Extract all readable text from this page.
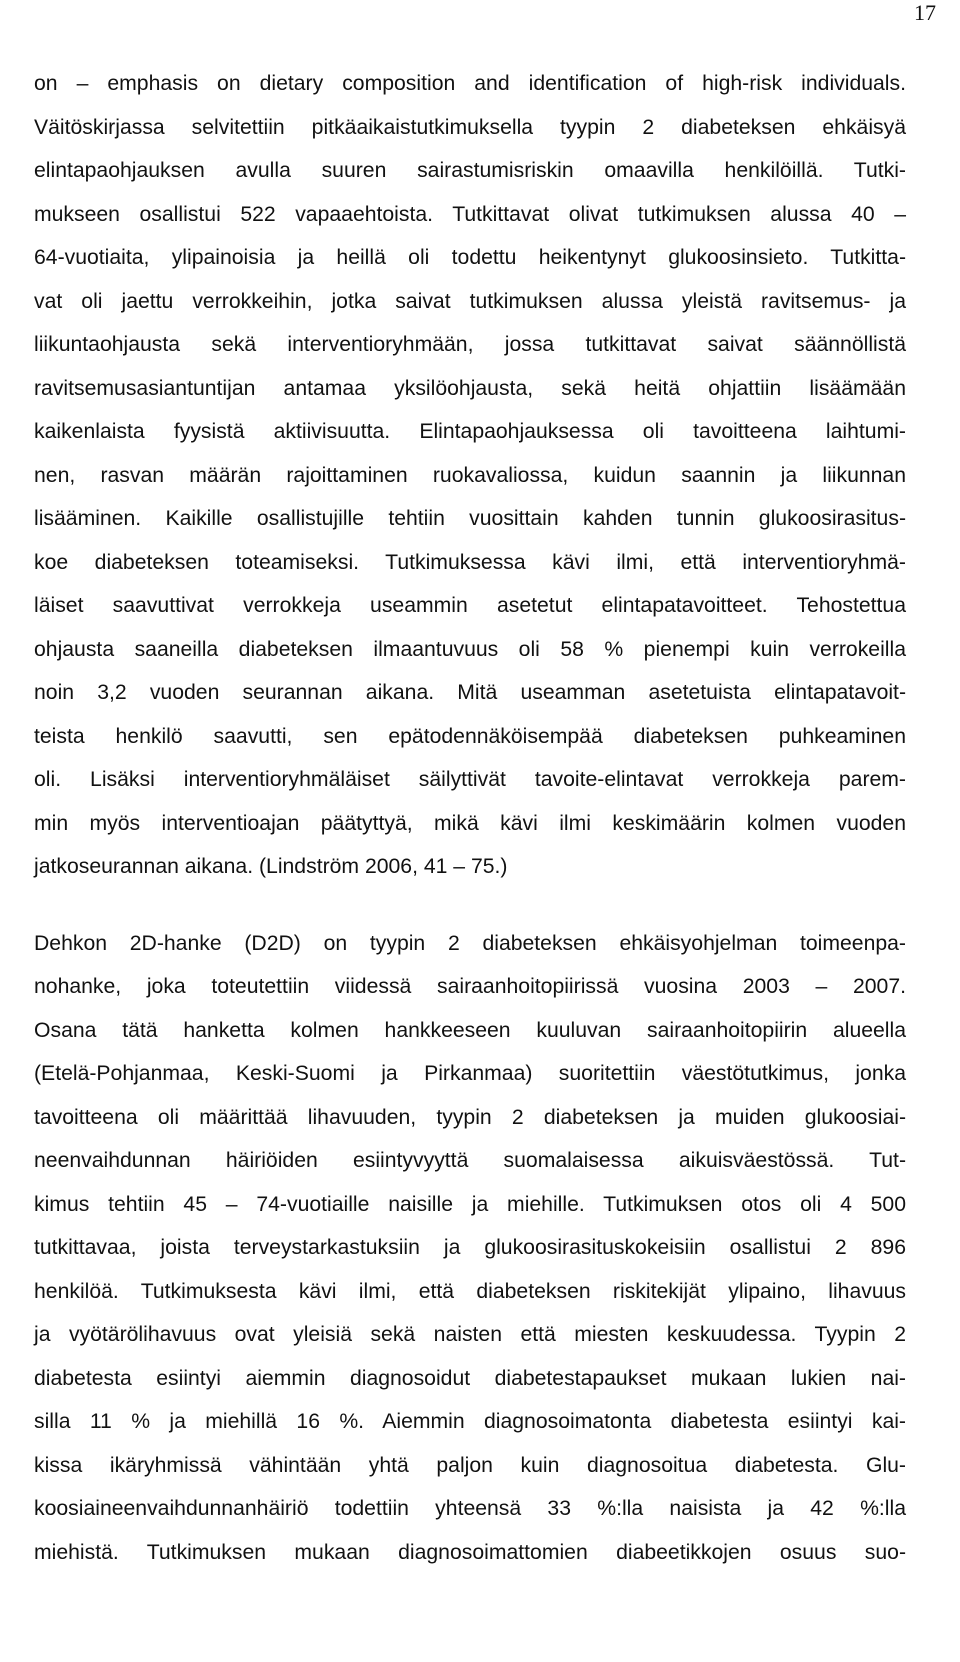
17
on – emphasis on dietary composition and identification of high-risk individuals.
Väitöskirjassa selvitettiin pitkäaikaistutkimuksella tyypin 2 diabeteksen ehkäisyä
elintapaohjauksen avulla suuren sairastumisriskin omaavilla henkilöillä. Tutki-
mukseen osallistui 522 vapaaehtoista. Tutkittavat olivat tutkimuksen alussa 40 –
64-vuotiaita, ylipainoisia ja heillä oli todettu heikentynyt glukoosinsieto. Tutkitta-
vat oli jaettu verrokkeihin, jotka saivat tutkimuksen alussa yleistä ravitsemus- ja
liikuntaohjausta sekä interventioryhmään, jossa tutkittavat saivat säännöllistä
ravitsemusasiantuntijan antamaa yksilöohjausta, sekä heitä ohjattiin lisäämään
kaikenlaista fyysistä aktiivisuutta. Elintapaohjauksessa oli tavoitteena laihtumi-
nen, rasvan määrän rajoittaminen ruokavaliossa, kuidun saannin ja liikunnan
lisääminen. Kaikille osallistujille tehtiin vuosittain kahden tunnin glukoosirasitus-
koe diabeteksen toteamiseksi. Tutkimuksessa kävi ilmi, että interventioryhmä-
läiset saavuttivat verrokkeja useammin asetetut elintapatavoitteet. Tehostettua
ohjausta saaneilla diabeteksen ilmaantuvuus oli 58 % pienempi kuin verrokeilla
noin 3,2 vuoden seurannan aikana. Mitä useamman asetetuista elintapatavoit-
teista henkilö saavutti, sen epätodennäköisempää diabeteksen puhkeaminen
oli. Lisäksi interventioryhmäläiset säilyttivät tavoite-elintavat verrokkeja parem-
min myös interventioajan päätyttyä, mikä kävi ilmi keskimäärin kolmen vuoden
jatkoseurannan aikana. (Lindström 2006, 41 – 75.)
Dehkon 2D-hanke (D2D) on tyypin 2 diabeteksen ehkäisyohjelman toimeenpa-
nohanke, joka toteutettiin viidessä sairaanhoitopiirissä vuosina 2003 – 2007.
Osana tätä hanketta kolmen hankkeeseen kuuluvan sairaanhoitopiirin alueella
(Etelä-Pohjanmaa, Keski-Suomi ja Pirkanmaa) suoritettiin väestötutkimus, jonka
tavoitteena oli määrittää lihavuuden, tyypin 2 diabeteksen ja muiden glukoosiai-
neenvaihdunnan häiriöiden esiintyvyyttä suomalaisessa aikuisväestössä. Tut-
kimus tehtiin 45 – 74-vuotiaille naisille ja miehille. Tutkimuksen otos oli 4 500
tutkittavaa, joista terveystarkastuksiin ja glukoosirasituskokeisiin osallistui 2 896
henkilöä. Tutkimuksesta kävi ilmi, että diabeteksen riskitekijät ylipaino, lihavuus
ja vyötärölihavuus ovat yleisiä sekä naisten että miesten keskuudessa. Tyypin 2
diabetesta esiintyi aiemmin diagnosoidut diabetestapaukset mukaan lukien nai-
silla 11 % ja miehillä 16 %. Aiemmin diagnosoimatonta diabetesta esiintyi kai-
kissa ikäryhmissä vähintään yhtä paljon kuin diagnosoitua diabetesta. Glu-
koosiaineenvaihdunnanhäiriö todettiin yhteensä 33 %:lla naisista ja 42 %:lla
miehistä. Tutkimuksen mukaan diagnosoimattomien diabeetikkojen osuus suo-
